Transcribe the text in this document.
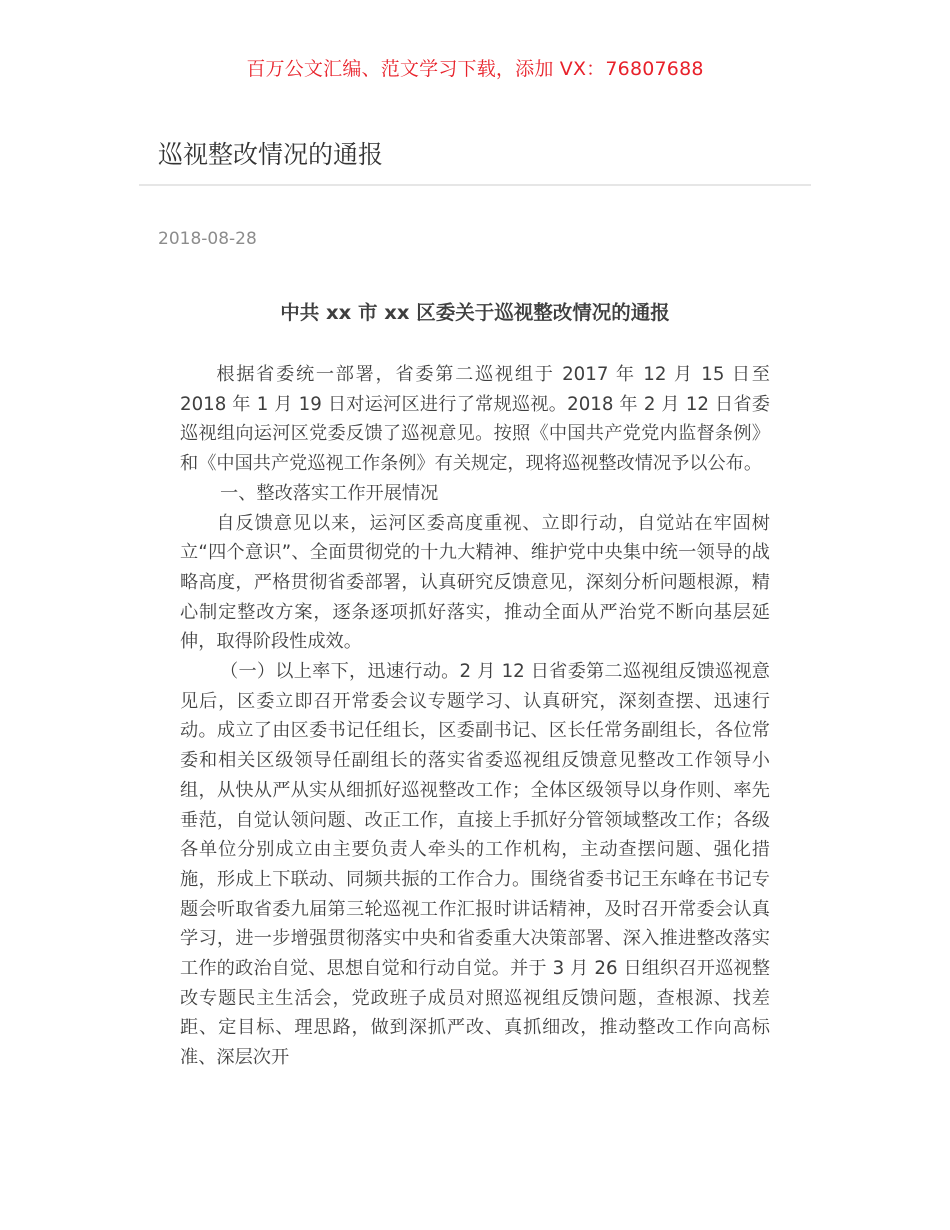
百万公文汇编、范文学习下载，添加 VX：76807688
巡视整改情况的通报
2018-08-28
中共 xx 市 xx 区委关于巡视整改情况的通报

根据省委统一部署，省委第二巡视组于 2017 年 12 月 15 日至 2018 年 1 月 19 日对运河区进行了常规巡视。2018 年 2 月 12 日省委巡视组向运河区党委反馈了巡视意见。按照《中国共产党党内监督条例》和《中国共产党巡视工作条例》有关规定，现将巡视整改情况予以公布。

一、整改落实工作开展情况

自反馈意见以来，运河区委高度重视、立即行动，自觉站在牢固树立“四个意识”、全面贯彻党的十九大精神、维护党中央集中统一领导的战略高度，严格贯彻省委部署，认真研究反馈意见，深刻分析问题根源，精心制定整改方案，逐条逐项抓好落实，推动全面从严治党不断向基层延伸，取得阶段性成效。

（一）以上率下，迅速行动。2 月 12 日省委第二巡视组反馈巡视意见后，区委立即召开常委会议专题学习、认真研究，深刻查摆、迅速行动。成立了由区委书记任组长，区委副书记、区长任常务副组长，各位常委和相关区级领导任副组长的落实省委巡视组反馈意见整改工作领导小组，从快从严从实从细抓好巡视整改工作；全体区级领导以身作则、率先垂范，自觉认领问题、改正工作，直接上手抓好分管领域整改工作；各级各单位分别成立由主要负责人牵头的工作机构，主动查摆问题、强化措施，形成上下联动、同频共振的工作合力。围绕省委书记王东峰在书记专题会听取省委九届第三轮巡视工作汇报时讲话精神，及时召开常委会认真学习，进一步增强贯彻落实中央和省委重大决策部署、深入推进整改落实工作的政治自觉、思想自觉和行动自觉。并于 3 月 26 日组织召开巡视整改专题民主生活会，党政班子成员对照巡视组反馈问题，查根源、找差距、定目标、理思路，做到深抓严改、真抓细改，推动整改工作向高标准、深层次开
